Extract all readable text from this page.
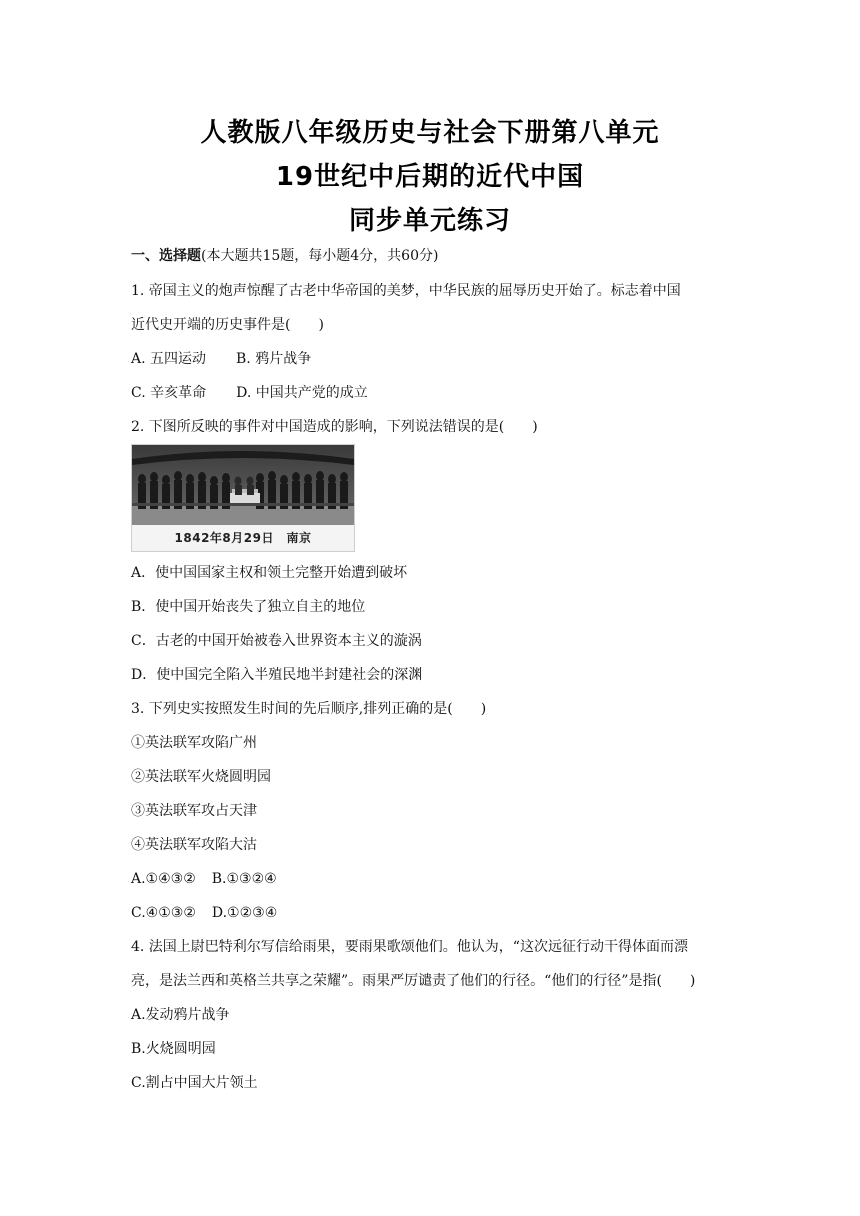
人教版八年级历史与社会下册第八单元
19世纪中后期的近代中国
同步单元练习
一、选择题(本大题共15题，每小题4分，共60分)
1. 帝国主义的炮声惊醒了古老中华帝国的美梦，中华民族的屈辱历史开始了。标志着中国
近代史开端的历史事件是(　　)
A. 五四运动 B. 鸦片战争
C. 辛亥革命 D. 中国共产党的成立
2. 下图所反映的事件对中国造成的影响，下列说法错误的是(　　)
1842年8月29日　南京
A．使中国国家主权和领土完整开始遭到破坏
B．使中国开始丧失了独立自主的地位
C．古老的中国开始被卷入世界资本主义的漩涡
D．使中国完全陷入半殖民地半封建社会的深渊
3. 下列史实按照发生时间的先后顺序,排列正确的是(　　)
①英法联军攻陷广州
②英法联军火烧圆明园
③英法联军攻占天津
④英法联军攻陷大沽
A.①④③② B.①③②④
C.④①③② D.①②③④
4. 法国上尉巴特利尔写信给雨果，要雨果歌颂他们。他认为，“这次远征行动干得体面而漂
亮，是法兰西和英格兰共享之荣耀”。雨果严厉谴责了他们的行径。“他们的行径”是指(　　)
A.发动鸦片战争
B.火烧圆明园
C.割占中国大片领土
